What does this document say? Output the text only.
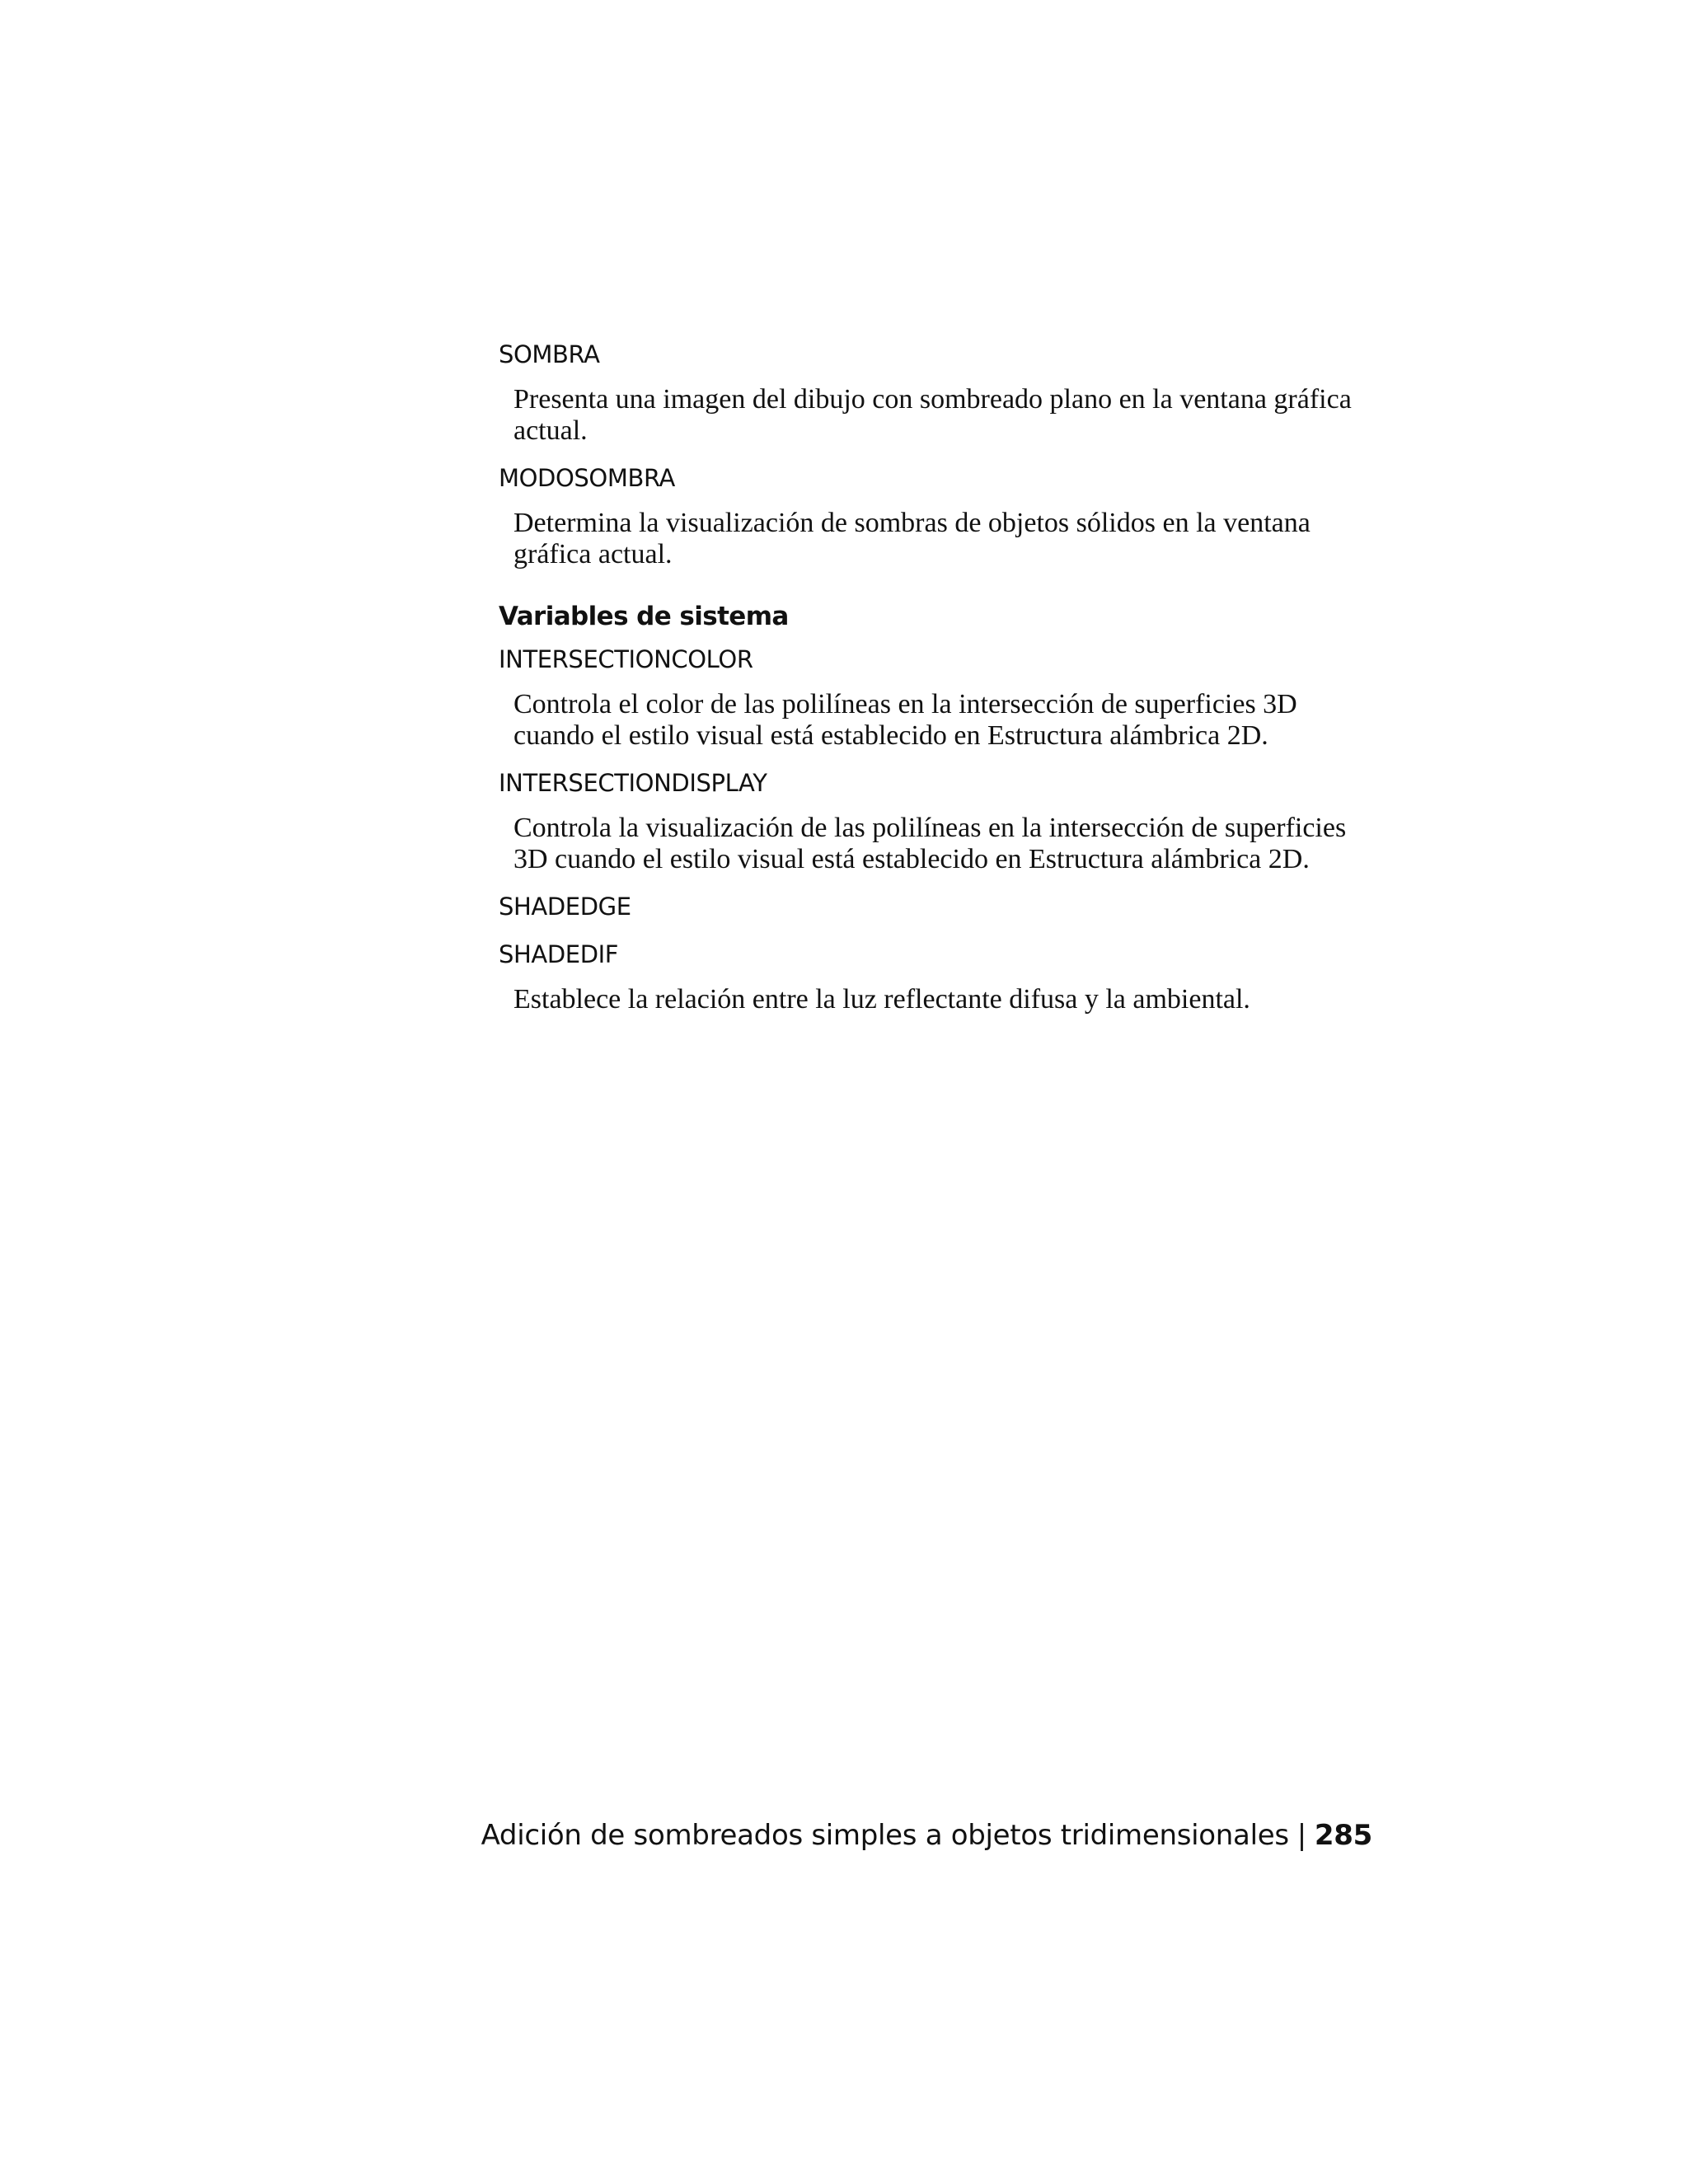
SOMBRA

Presenta una imagen del dibujo con sombreado plano en la ventana gráfica actual.

MODOSOMBRA

Determina la visualización de sombras de objetos sólidos en la ventana gráfica actual.

Variables de sistema

INTERSECTIONCOLOR

Controla el color de las polilíneas en la intersección de superficies 3D cuando el estilo visual está establecido en Estructura alámbrica 2D.

INTERSECTIONDISPLAY

Controla la visualización de las polilíneas en la intersección de superficies 3D cuando el estilo visual está establecido en Estructura alámbrica 2D.

SHADEDGE

SHADEDIF

Establece la relación entre la luz reflectante difusa y la ambiental.

Adición de sombreados simples a objetos tridimensionales | 285
